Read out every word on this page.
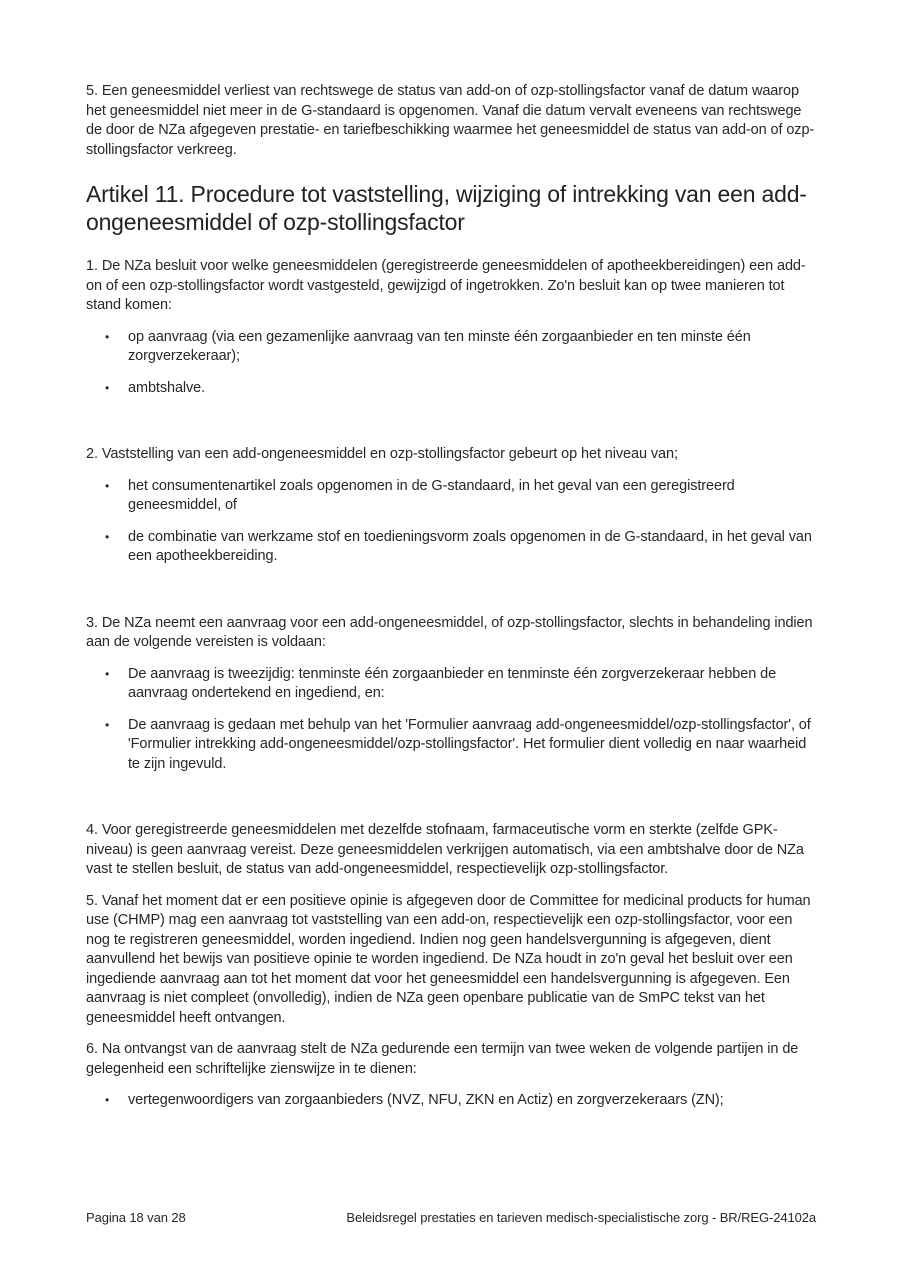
5. Een geneesmiddel verliest van rechtswege de status van add-on of ozp-stollingsfactor vanaf de datum waarop het geneesmiddel niet meer in de G-standaard is opgenomen. Vanaf die datum vervalt eveneens van rechtswege de door de NZa afgegeven prestatie- en tariefbeschikking waarmee het geneesmiddel de status van add-on of ozp-stollingsfactor verkreeg.

Artikel 11. Procedure tot vaststelling, wijziging of intrekking van een add-ongeneesmiddel of ozp-stollingsfactor

1. De NZa besluit voor welke geneesmiddelen (geregistreerde geneesmiddelen of apotheekbereidingen) een add-on of een ozp-stollingsfactor wordt vastgesteld, gewijzigd of ingetrokken. Zo'n besluit kan op twee manieren tot stand komen:

• op aanvraag (via een gezamenlijke aanvraag van ten minste één zorgaanbieder en ten minste één zorgverzekeraar);
• ambtshalve.

2. Vaststelling van een add-ongeneesmiddel en ozp-stollingsfactor gebeurt op het niveau van;

• het consumentenartikel zoals opgenomen in de G-standaard, in het geval van een geregistreerd geneesmiddel, of
• de combinatie van werkzame stof en toedieningsvorm zoals opgenomen in de G-standaard, in het geval van een apotheekbereiding.

3. De NZa neemt een aanvraag voor een add-ongeneesmiddel, of ozp-stollingsfactor, slechts in behandeling indien aan de volgende vereisten is voldaan:

• De aanvraag is tweezijdig: tenminste één zorgaanbieder en tenminste één zorgverzekeraar hebben de aanvraag ondertekend en ingediend, en:
• De aanvraag is gedaan met behulp van het 'Formulier aanvraag add-ongeneesmiddel/ozp-stollingsfactor', of 'Formulier intrekking add-ongeneesmiddel/ozp-stollingsfactor'. Het formulier dient volledig en naar waarheid te zijn ingevuld.

4. Voor geregistreerde geneesmiddelen met dezelfde stofnaam, farmaceutische vorm en sterkte (zelfde GPK-niveau) is geen aanvraag vereist. Deze geneesmiddelen verkrijgen automatisch, via een ambtshalve door de NZa vast te stellen besluit, de status van add-ongeneesmiddel, respectievelijk ozp-stollingsfactor.

5. Vanaf het moment dat er een positieve opinie is afgegeven door de Committee for medicinal products for human use (CHMP) mag een aanvraag tot vaststelling van een add-on, respectievelijk een ozp-stollingsfactor, voor een nog te registreren geneesmiddel, worden ingediend. Indien nog geen handelsvergunning is afgegeven, dient aanvullend het bewijs van positieve opinie te worden ingediend. De NZa houdt in zo'n geval het besluit over een ingediende aanvraag aan tot het moment dat voor het geneesmiddel een handelsvergunning is afgegeven. Een aanvraag is niet compleet (onvolledig), indien de NZa geen openbare publicatie van de SmPC tekst van het geneesmiddel heeft ontvangen.

6. Na ontvangst van de aanvraag stelt de NZa gedurende een termijn van twee weken de volgende partijen in de gelegenheid een schriftelijke zienswijze in te dienen:

• vertegenwoordigers van zorgaanbieders (NVZ, NFU, ZKN en Actiz) en zorgverzekeraars (ZN);
Pagina 18 van 28	Beleidsregel prestaties en tarieven medisch-specialistische zorg - BR/REG-24102a
